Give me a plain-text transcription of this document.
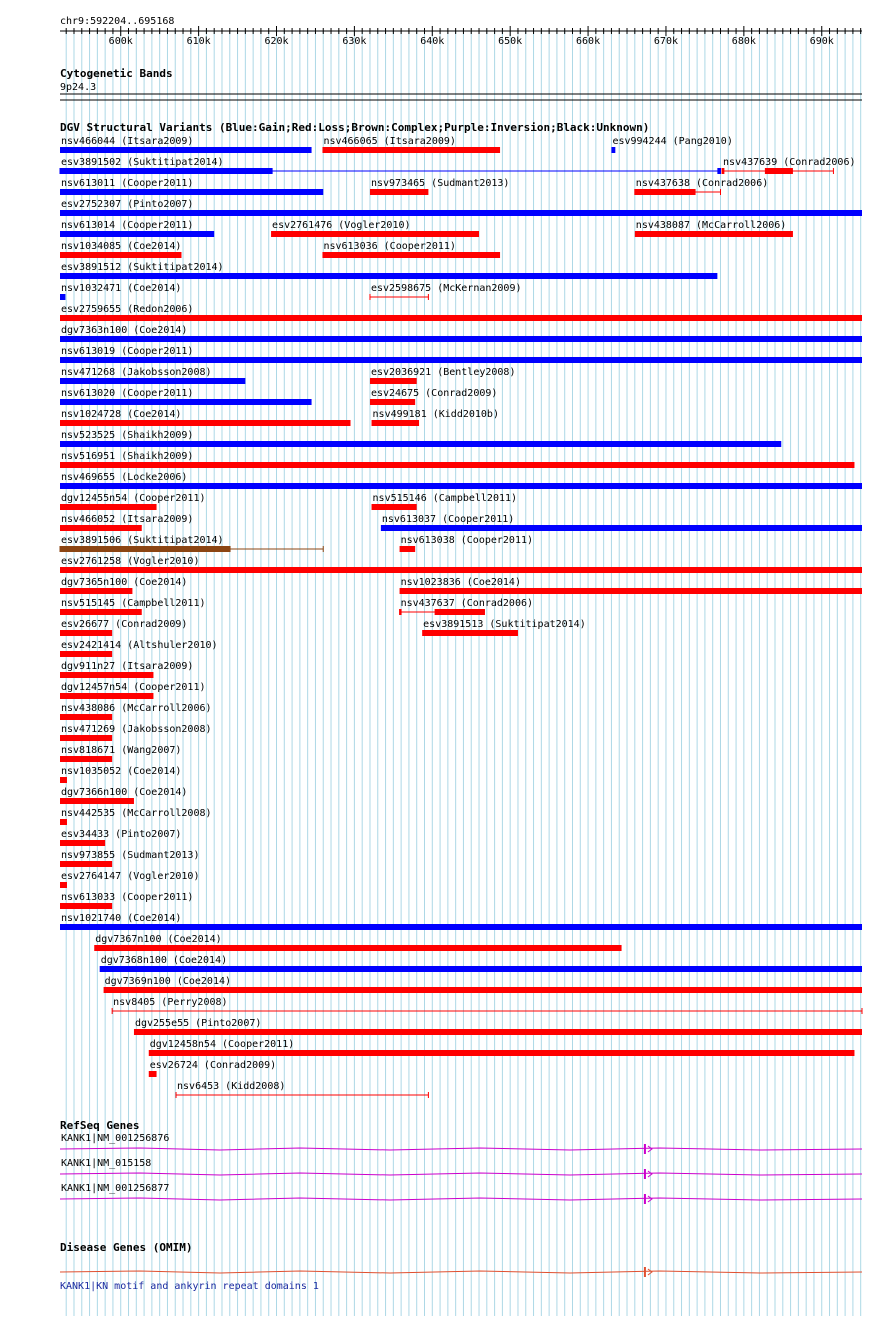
chr9:592204..695168
600k	610k	620k	630k	640k	650k	660k	670k	680k	690k
Cytogenetic Bands
9p24.3
DGV Structural Variants (Blue:Gain;Red:Loss;Brown:Complex;Purple:Inversion;Black:Unknown)
nsv466044 (Itsara2009)	nsv466065 (Itsara2009)	esv994244 (Pang2010)
esv3891502 (Suktitipat2014)	nsv437639 (Conrad2006)
nsv613011 (Cooper2011)	nsv973465 (Sudmant2013)	nsv437638 (Conrad2006)
esv2752307 (Pinto2007)
nsv613014 (Cooper2011)	esv2761476 (Vogler2010)	nsv438087 (McCarroll2006)
nsv1034085 (Coe2014)	nsv613036 (Cooper2011)
esv3891512 (Suktitipat2014)
nsv1032471 (Coe2014)	esv2598675 (McKernan2009)
esv2759655 (Redon2006)
dgv7363n100 (Coe2014)
nsv613019 (Cooper2011)
nsv471268 (Jakobsson2008)	esv2036921 (Bentley2008)
nsv613020 (Cooper2011)	esv24675 (Conrad2009)
nsv1024728 (Coe2014)	nsv499181 (Kidd2010b)
nsv523525 (Shaikh2009)
nsv516951 (Shaikh2009)
nsv469655 (Locke2006)
dgv12455n54 (Cooper2011)	nsv515146 (Campbell2011)
nsv466052 (Itsara2009)	nsv613037 (Cooper2011)
esv3891506 (Suktitipat2014)	nsv613038 (Cooper2011)
esv2761258 (Vogler2010)
dgv7365n100 (Coe2014)	nsv1023836 (Coe2014)
nsv515145 (Campbell2011)	nsv437637 (Conrad2006)
esv26677 (Conrad2009)	esv3891513 (Suktitipat2014)
esv2421414 (Altshuler2010)
dgv911n27 (Itsara2009)
dgv12457n54 (Cooper2011)
nsv438086 (McCarroll2006)
nsv471269 (Jakobsson2008)
nsv818671 (Wang2007)
nsv1035052 (Coe2014)
dgv7366n100 (Coe2014)
nsv442535 (McCarroll2008)
esv34433 (Pinto2007)
nsv973855 (Sudmant2013)
esv2764147 (Vogler2010)
nsv613033 (Cooper2011)
nsv1021740 (Coe2014)
dgv7367n100 (Coe2014)
dgv7368n100 (Coe2014)
dgv7369n100 (Coe2014)
nsv8405 (Perry2008)
dgv255e55 (Pinto2007)
dgv12458n54 (Cooper2011)
esv26724 (Conrad2009)
nsv6453 (Kidd2008)
RefSeq Genes
KANK1|NM_001256876
KANK1|NM_015158
KANK1|NM_001256877
Disease Genes (OMIM)
KANK1|KN motif and ankyrin repeat domains 1
